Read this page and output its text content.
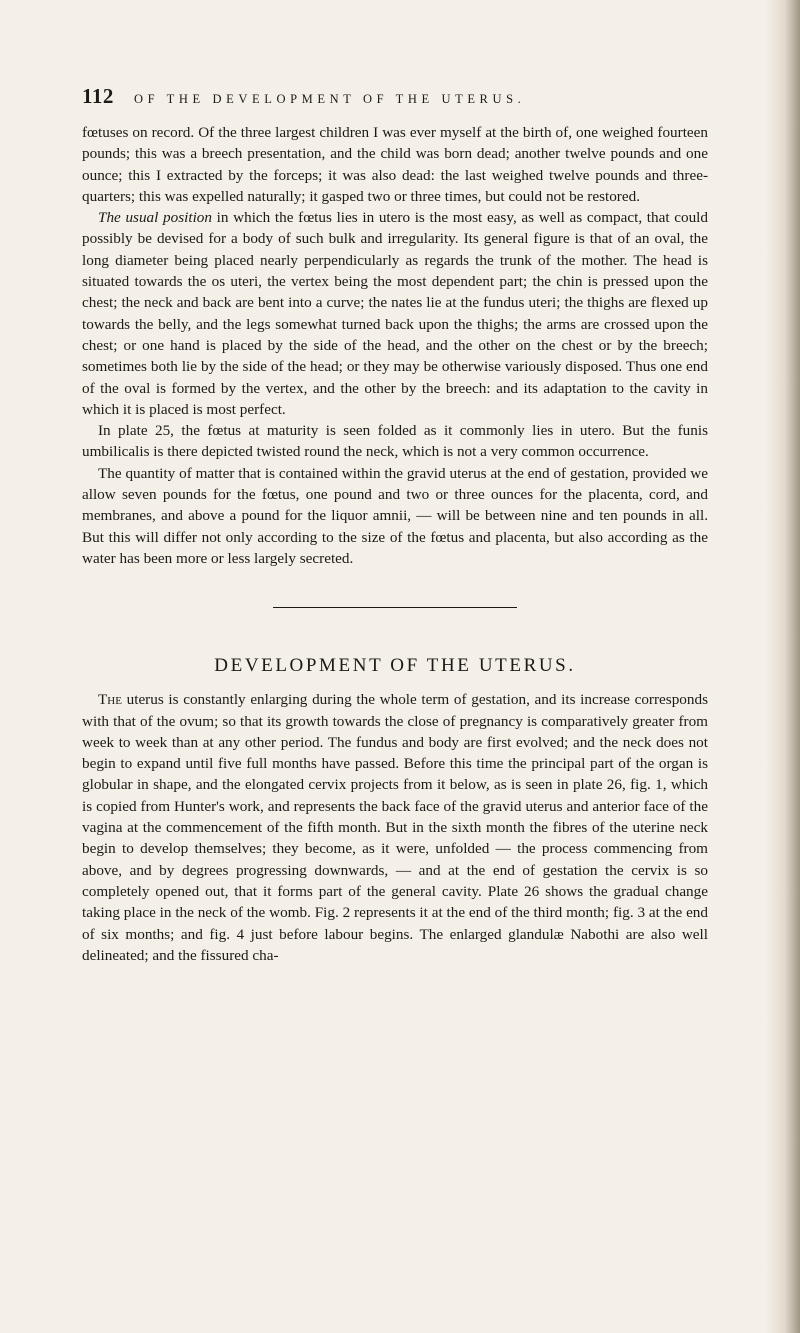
112	OF THE DEVELOPMENT OF THE UTERUS.

fœtuses on record. Of the three largest children I was ever myself at the birth of, one weighed fourteen pounds; this was a breech presentation, and the child was born dead; another twelve pounds and one ounce; this I extracted by the forceps; it was also dead: the last weighed twelve pounds and three-quarters; this was expelled naturally; it gasped two or three times, but could not be restored.

The usual position in which the fœtus lies in utero is the most easy, as well as compact, that could possibly be devised for a body of such bulk and irregularity. Its general figure is that of an oval, the long diameter being placed nearly perpendicularly as regards the trunk of the mother. The head is situated towards the os uteri, the vertex being the most dependent part; the chin is pressed upon the chest; the neck and back are bent into a curve; the nates lie at the fundus uteri; the thighs are flexed up towards the belly, and the legs somewhat turned back upon the thighs; the arms are crossed upon the chest; or one hand is placed by the side of the head, and the other on the chest or by the breech; sometimes both lie by the side of the head; or they may be otherwise variously disposed. Thus one end of the oval is formed by the vertex, and the other by the breech: and its adaptation to the cavity in which it is placed is most perfect.

In plate 25, the fœtus at maturity is seen folded as it commonly lies in utero. But the funis umbilicalis is there depicted twisted round the neck, which is not a very common occurrence.

The quantity of matter that is contained within the gravid uterus at the end of gestation, provided we allow seven pounds for the fœtus, one pound and two or three ounces for the placenta, cord, and membranes, and above a pound for the liquor amnii, — will be between nine and ten pounds in all. But this will differ not only according to the size of the fœtus and placenta, but also according as the water has been more or less largely secreted.

DEVELOPMENT OF THE UTERUS.

The uterus is constantly enlarging during the whole term of gestation, and its increase corresponds with that of the ovum; so that its growth towards the close of pregnancy is comparatively greater from week to week than at any other period. The fundus and body are first evolved; and the neck does not begin to expand until five full months have passed. Before this time the principal part of the organ is globular in shape, and the elongated cervix projects from it below, as is seen in plate 26, fig. 1, which is copied from Hunter's work, and represents the back face of the gravid uterus and anterior face of the vagina at the commencement of the fifth month. But in the sixth month the fibres of the uterine neck begin to develop themselves; they become, as it were, unfolded — the process commencing from above, and by degrees progressing downwards, — and at the end of gestation the cervix is so completely opened out, that it forms part of the general cavity. Plate 26 shows the gradual change taking place in the neck of the womb. Fig. 2 represents it at the end of the third month; fig. 3 at the end of six months; and fig. 4 just before labour begins. The enlarged glandulæ Nabothi are also well delineated; and the fissured cha-
